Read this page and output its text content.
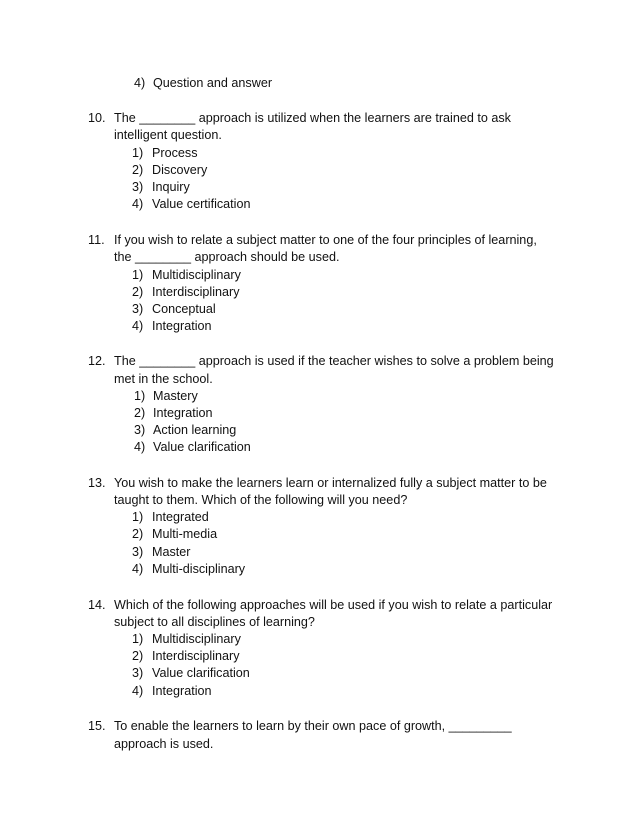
4) Question and answer
10. The ________ approach is utilized when the learners are trained to ask
intelligent question.
1) Process
2) Discovery
3) Inquiry
4) Value certification
11. If you wish to relate a subject matter to one of the four principles of learning,
the ________ approach should be used.
1) Multidisciplinary
2) Interdisciplinary
3) Conceptual
4) Integration
12. The ________ approach is used if the teacher wishes to solve a problem being
met in the school.
1) Mastery
2) Integration
3) Action learning
4) Value clarification
13. You wish to make the learners learn or internalized fully a subject matter to be
taught to them. Which of the following will you need?
1) Integrated
2) Multi-media
3) Master
4) Multi-disciplinary
14. Which of the following approaches will be used if you wish to relate a particular
subject to all disciplines of learning?
1) Multidisciplinary
2) Interdisciplinary
3) Value clarification
4) Integration
15. To enable the learners to learn by their own pace of growth, _________
approach is used.
